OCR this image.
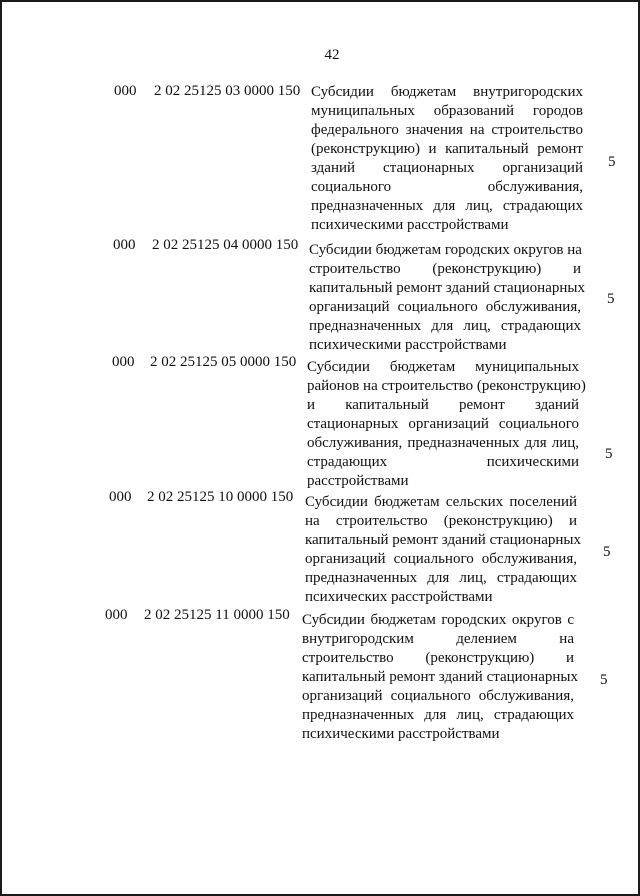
42
000 2 02 25125 03 0000 150 Субсидии бюджетам внутригородских
муниципальных образований городов
федерального значения на строительство
(реконструкцию) и капитальный ремонт
зданий стационарных организаций
социального обслуживания,
предназначенных для лиц, страдающих
психическими расстройствами
5
000 2 02 25125 04 0000 150 Субсидии бюджетам городских округов на
строительство (реконструкцию) и
капитальный ремонт зданий стационарных
организаций социального обслуживания,
предназначенных для лиц, страдающих
психическими расстройствами
5
000 2 02 25125 05 0000 150 Субсидии бюджетам муниципальных
районов на строительство (реконструкцию)
и капитальный ремонт зданий
стационарных организаций социального
обслуживания, предназначенных для лиц,
страдающих психическими
расстройствами
5
000 2 02 25125 10 0000 150 Субсидии бюджетам сельских поселений
на строительство (реконструкцию) и
капитальный ремонт зданий стационарных
организаций социального обслуживания,
предназначенных для лиц, страдающих
психических расстройствами
5
000 2 02 25125 11 0000 150 Субсидии бюджетам городских округов с
внутригородским делением на
строительство (реконструкцию) и
капитальный ремонт зданий стационарных
организаций социального обслуживания,
предназначенных для лиц, страдающих
психическими расстройствами
5
